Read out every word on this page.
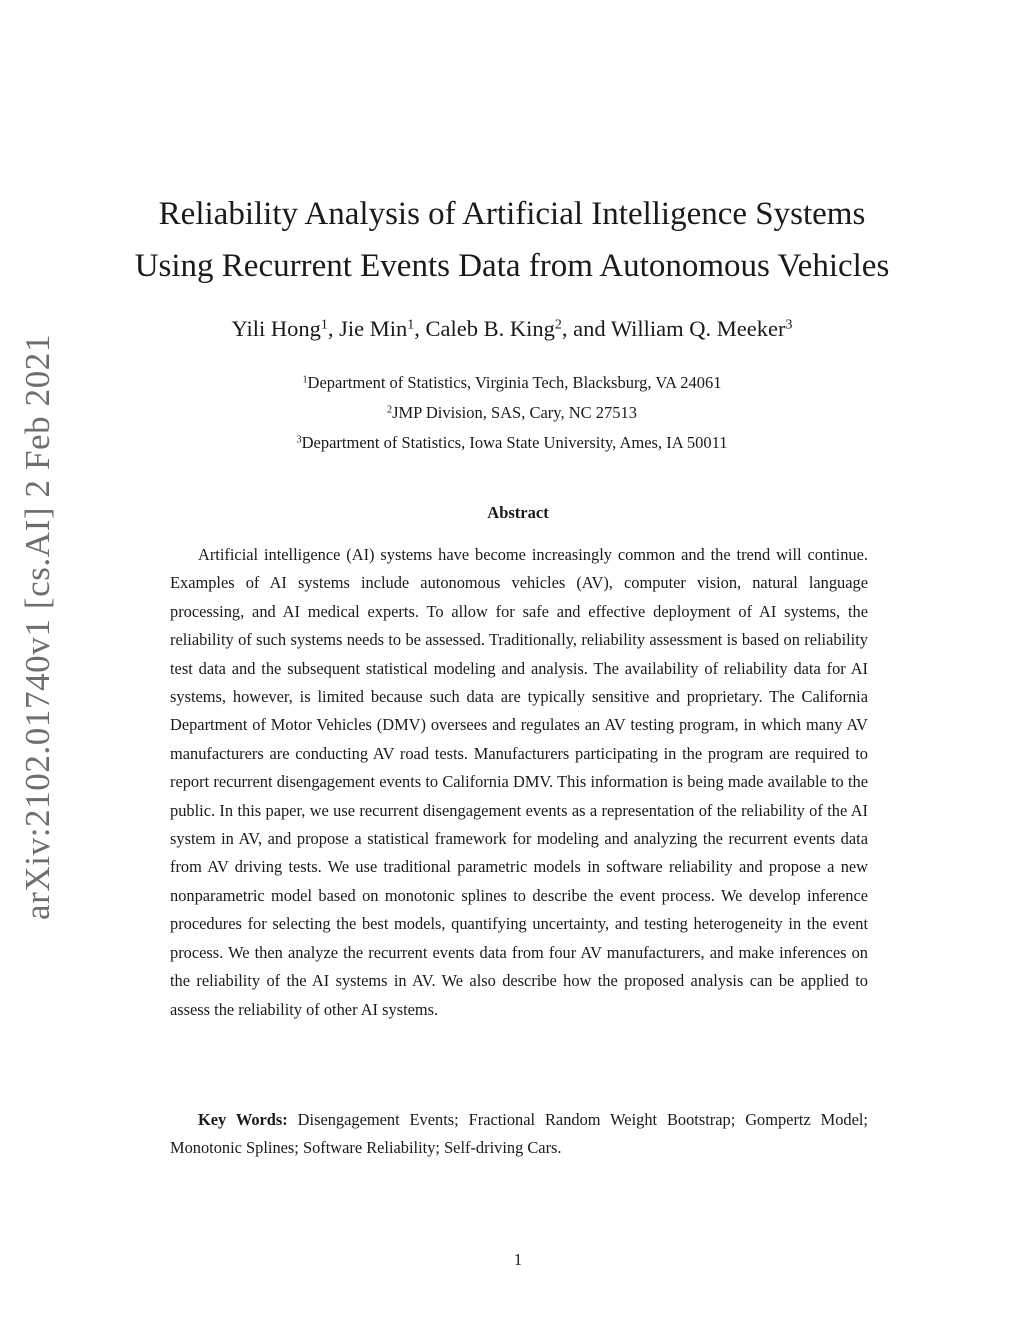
arXiv:2102.01740v1 [cs.AI] 2 Feb 2021
Reliability Analysis of Artificial Intelligence Systems
Using Recurrent Events Data from Autonomous Vehicles
Yili Hong$^1$, Jie Min$^1$, Caleb B. King$^2$, and William Q. Meeker$^3$
$^1$Department of Statistics, Virginia Tech, Blacksburg, VA 24061
$^2$JMP Division, SAS, Cary, NC 27513
$^3$Department of Statistics, Iowa State University, Ames, IA 50011
Abstract

Artificial intelligence (AI) systems have become increasingly common and the trend will continue. Examples of AI systems include autonomous vehicles (AV), computer vision, natural language processing, and AI medical experts. To allow for safe and effective deployment of AI systems, the reliability of such systems needs to be assessed. Traditionally, reliability assessment is based on reliability test data and the subsequent statistical modeling and analysis. The availability of reliability data for AI systems, however, is limited because such data are typically sensitive and proprietary. The California Department of Motor Vehicles (DMV) oversees and regulates an AV testing program, in which many AV manufacturers are conducting AV road tests. Manufacturers participating in the program are required to report recurrent disengagement events to California DMV. This information is being made available to the public. In this paper, we use recurrent disengagement events as a representation of the reliability of the AI system in AV, and propose a statistical framework for modeling and analyzing the recurrent events data from AV driving tests. We use traditional parametric models in software reliability and propose a new nonparametric model based on monotonic splines to describe the event process. We develop inference procedures for selecting the best models, quantifying uncertainty, and testing heterogeneity in the event process. We then analyze the recurrent events data from four AV manufacturers, and make inferences on the reliability of the AI systems in AV. We also describe how the proposed analysis can be applied to assess the reliability of other AI systems.

Key Words: Disengagement Events; Fractional Random Weight Bootstrap; Gompertz Model; Monotonic Splines; Software Reliability; Self-driving Cars.

1
